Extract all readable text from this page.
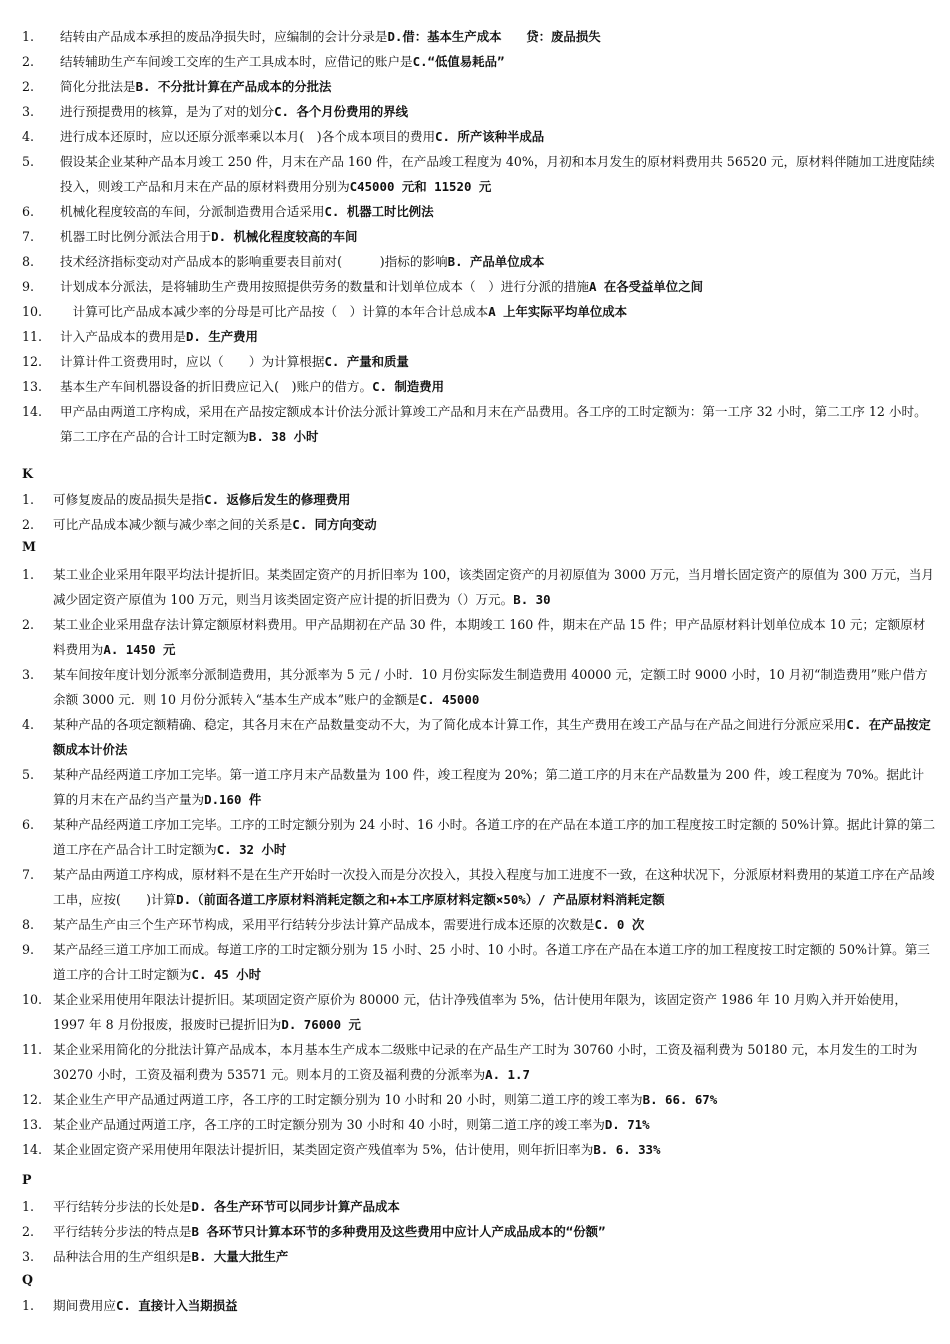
1.	结转由产品成本承担的废品净损失时，应编制的会计分录是D.借：基本生产成本　　贷：废品损失
2.	结转辅助生产车间竣工交库的生产工具成本时，应借记的账户是C.“低值易耗品”
2.	简化分批法是B. 不分批计算在产品成本的分批法
3.	进行预提费用的核算，是为了对的划分C. 各个月份费用的界线
4.	进行成本还原时，应以还原分派率乘以本月(　)各个成本项目的费用C. 所产该种半成品
5.	假设某企业某种产品本月竣工 250 件，月末在产品 160 件，在产品竣工程度为 40%，月初和本月发生的原材料费用共 56520 元，原材料伴随加工进度陆续投入，则竣工产品和月末在产品的原材料费用分别为C45000 元和 11520 元
6.	机械化程度较高的车间，分派制造费用合适采用C. 机器工时比例法
7.	机器工时比例分派法合用于D. 机械化程度较高的车间
8.	技术经济指标变动对产品成本的影响重要表目前对(　　　)指标的影响B. 产品单位成本
9.	计划成本分派法，是将辅助生产费用按照提供劳务的数量和计划单位成本（　）进行分派的措施A 在各受益单位之间
10.	　计算可比产品成本减少率的分母是可比产品按（　）计算的本年合计总成本A 上年实际平均单位成本
11.	计入产品成本的费用是D. 生产费用
12.	计算计件工资费用时，应以（　　）为计算根据C. 产量和质量
13.	基本生产车间机器设备的折旧费应记入(　)账户的借方。C. 制造费用
14.	甲产品由两道工序构成，采用在产品按定额成本计价法分派计算竣工产品和月末在产品费用。各工序的工时定额为：第一工序 32 小时，第二工序 12 小时。第二工序在产品的合计工时定额为B. 38 小时
K
1.	可修复废品的废品损失是指C. 返修后发生的修理费用
2.	可比产品成本减少额与减少率之间的关系是C. 同方向变动
M
1.	某工业企业采用年限平均法计提折旧。某类固定资产的月折旧率为 100，该类固定资产的月初原值为 3000 万元，当月增长固定资产的原值为 300 万元，当月减少固定资产原值为 100 万元，则当月该类固定资产应计提的折旧费为（）万元。B. 30
2.	某工业企业采用盘存法计算定额原材料费用。甲产品期初在产品 30 件，本期竣工 160 件，期末在产品 15 件；甲产品原材料计划单位成本 10 元；定额原材料费用为A. 1450 元
3.	某车间按年度计划分派率分派制造费用，其分派率为 5 元 / 小时．10 月份实际发生制造费用 40000 元，定额工时 9000 小时，10 月初“制造费用”账户借方余额 3000 元．则 10 月份分派转入“基本生产成本”账户的金额是C. 45000
4.	某种产品的各项定额精确、稳定，其各月末在产品数量变动不大，为了简化成本计算工作，其生产费用在竣工产品与在产品之间进行分派应采用C. 在产品按定额成本计价法
5.	某种产品经两道工序加工完毕。第一道工序月末产品数量为 100 件，竣工程度为 20%；第二道工序的月末在产品数量为 200 件，竣工程度为 70%。据此计算的月末在产品约当产量为D.160 件
6.	某种产品经两道工序加工完毕。工序的工时定额分别为 24 小时、16 小时。各道工序的在产品在本道工序的加工程度按工时定额的 50%计算。据此计算的第二道工序在产品合计工时定额为C. 32 小时
7.	某产品由两道工序构成，原材料不是在生产开始时一次投入而是分次投入，其投入程度与加工进度不一致，在这种状况下，分派原材料费用的某道工序在产品竣工串，应按(　　)计算D.（前面各道工序原材料消耗定额之和+本工序原材料定额×50%）/ 产品原材料消耗定额
8.	某产品生产由三个生产环节构成，采用平行结转分步法计算产品成本，需要进行成本还原的次数是C. 0 次
9.	某产品经三道工序加工而成。每道工序的工时定额分别为 15 小时、25 小时、10 小时。各道工序在产品在本道工序的加工程度按工时定额的 50%计算。第三道工序的合计工时定额为C. 45 小时
10. 某企业采用使用年限法计提折旧。某项固定资产原价为 80000 元，估计净残值率为 5%，估计使用年限为，该固定资产 1986 年 10 月购入并开始使用，1997 年 8 月份报废，报废时已提折旧为D. 76000 元
11. 某企业采用简化的分批法计算产品成本，本月基本生产成本二级账中记录的在产品生产工时为 30760 小时，工资及福利费为 50180 元，本月发生的工时为 30270 小时，工资及福利费为 53571 元。则本月的工资及福利费的分派率为A. 1.7
12. 某企业生产甲产品通过两道工序，各工序的工时定额分别为 10 小时和 20 小时，则第二道工序的竣工率为B. 66. 67%
13. 某企业产品通过两道工序，各工序的工时定额分别为 30 小时和 40 小时，则第二道工序的竣工率为D. 71%
14. 某企业固定资产采用使用年限法计提折旧，某类固定资产残值率为 5%，估计使用，则年折旧率为B. 6. 33%
P
1.	平行结转分步法的长处是D. 各生产环节可以同步计算产品成本
2.	平行结转分步法的特点是B 各环节只计算本环节的多种费用及这些费用中应计人产成品成本的“份额”
3.	品种法合用的生产组织是B. 大量大批生产
Q
1.	期间费用应C. 直接计入当期损益
